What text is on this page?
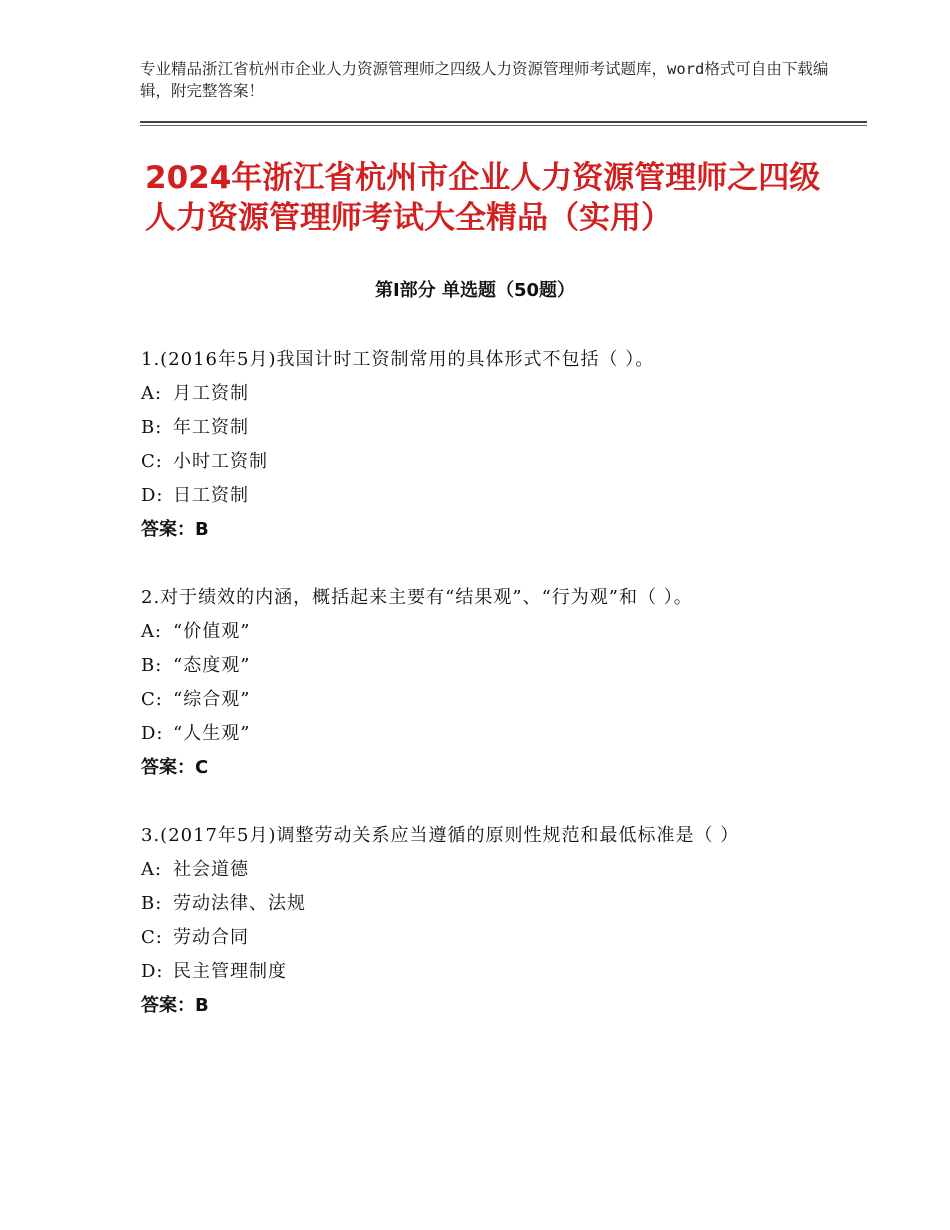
专业精品浙江省杭州市企业人力资源管理师之四级人力资源管理师考试题库，word格式可自由下载编辑，附完整答案！
2024年浙江省杭州市企业人力资源管理师之四级人力资源管理师考试大全精品（实用）
第Ⅰ部分 单选题（50题）
1.(2016年5月)我国计时工资制常用的具体形式不包括（ ）。
A: 月工资制
B: 年工资制
C: 小时工资制
D: 日工资制
答案：B
2.对于绩效的内涵，概括起来主要有“结果观”、“行为观”和（ ）。
A: “价值观”
B: “态度观”
C: “综合观”
D: “人生观”
答案：C
3.(2017年5月)调整劳动关系应当遵循的原则性规范和最低标准是（ ）
A: 社会道德
B: 劳动法律、法规
C: 劳动合同
D: 民主管理制度
答案：B
